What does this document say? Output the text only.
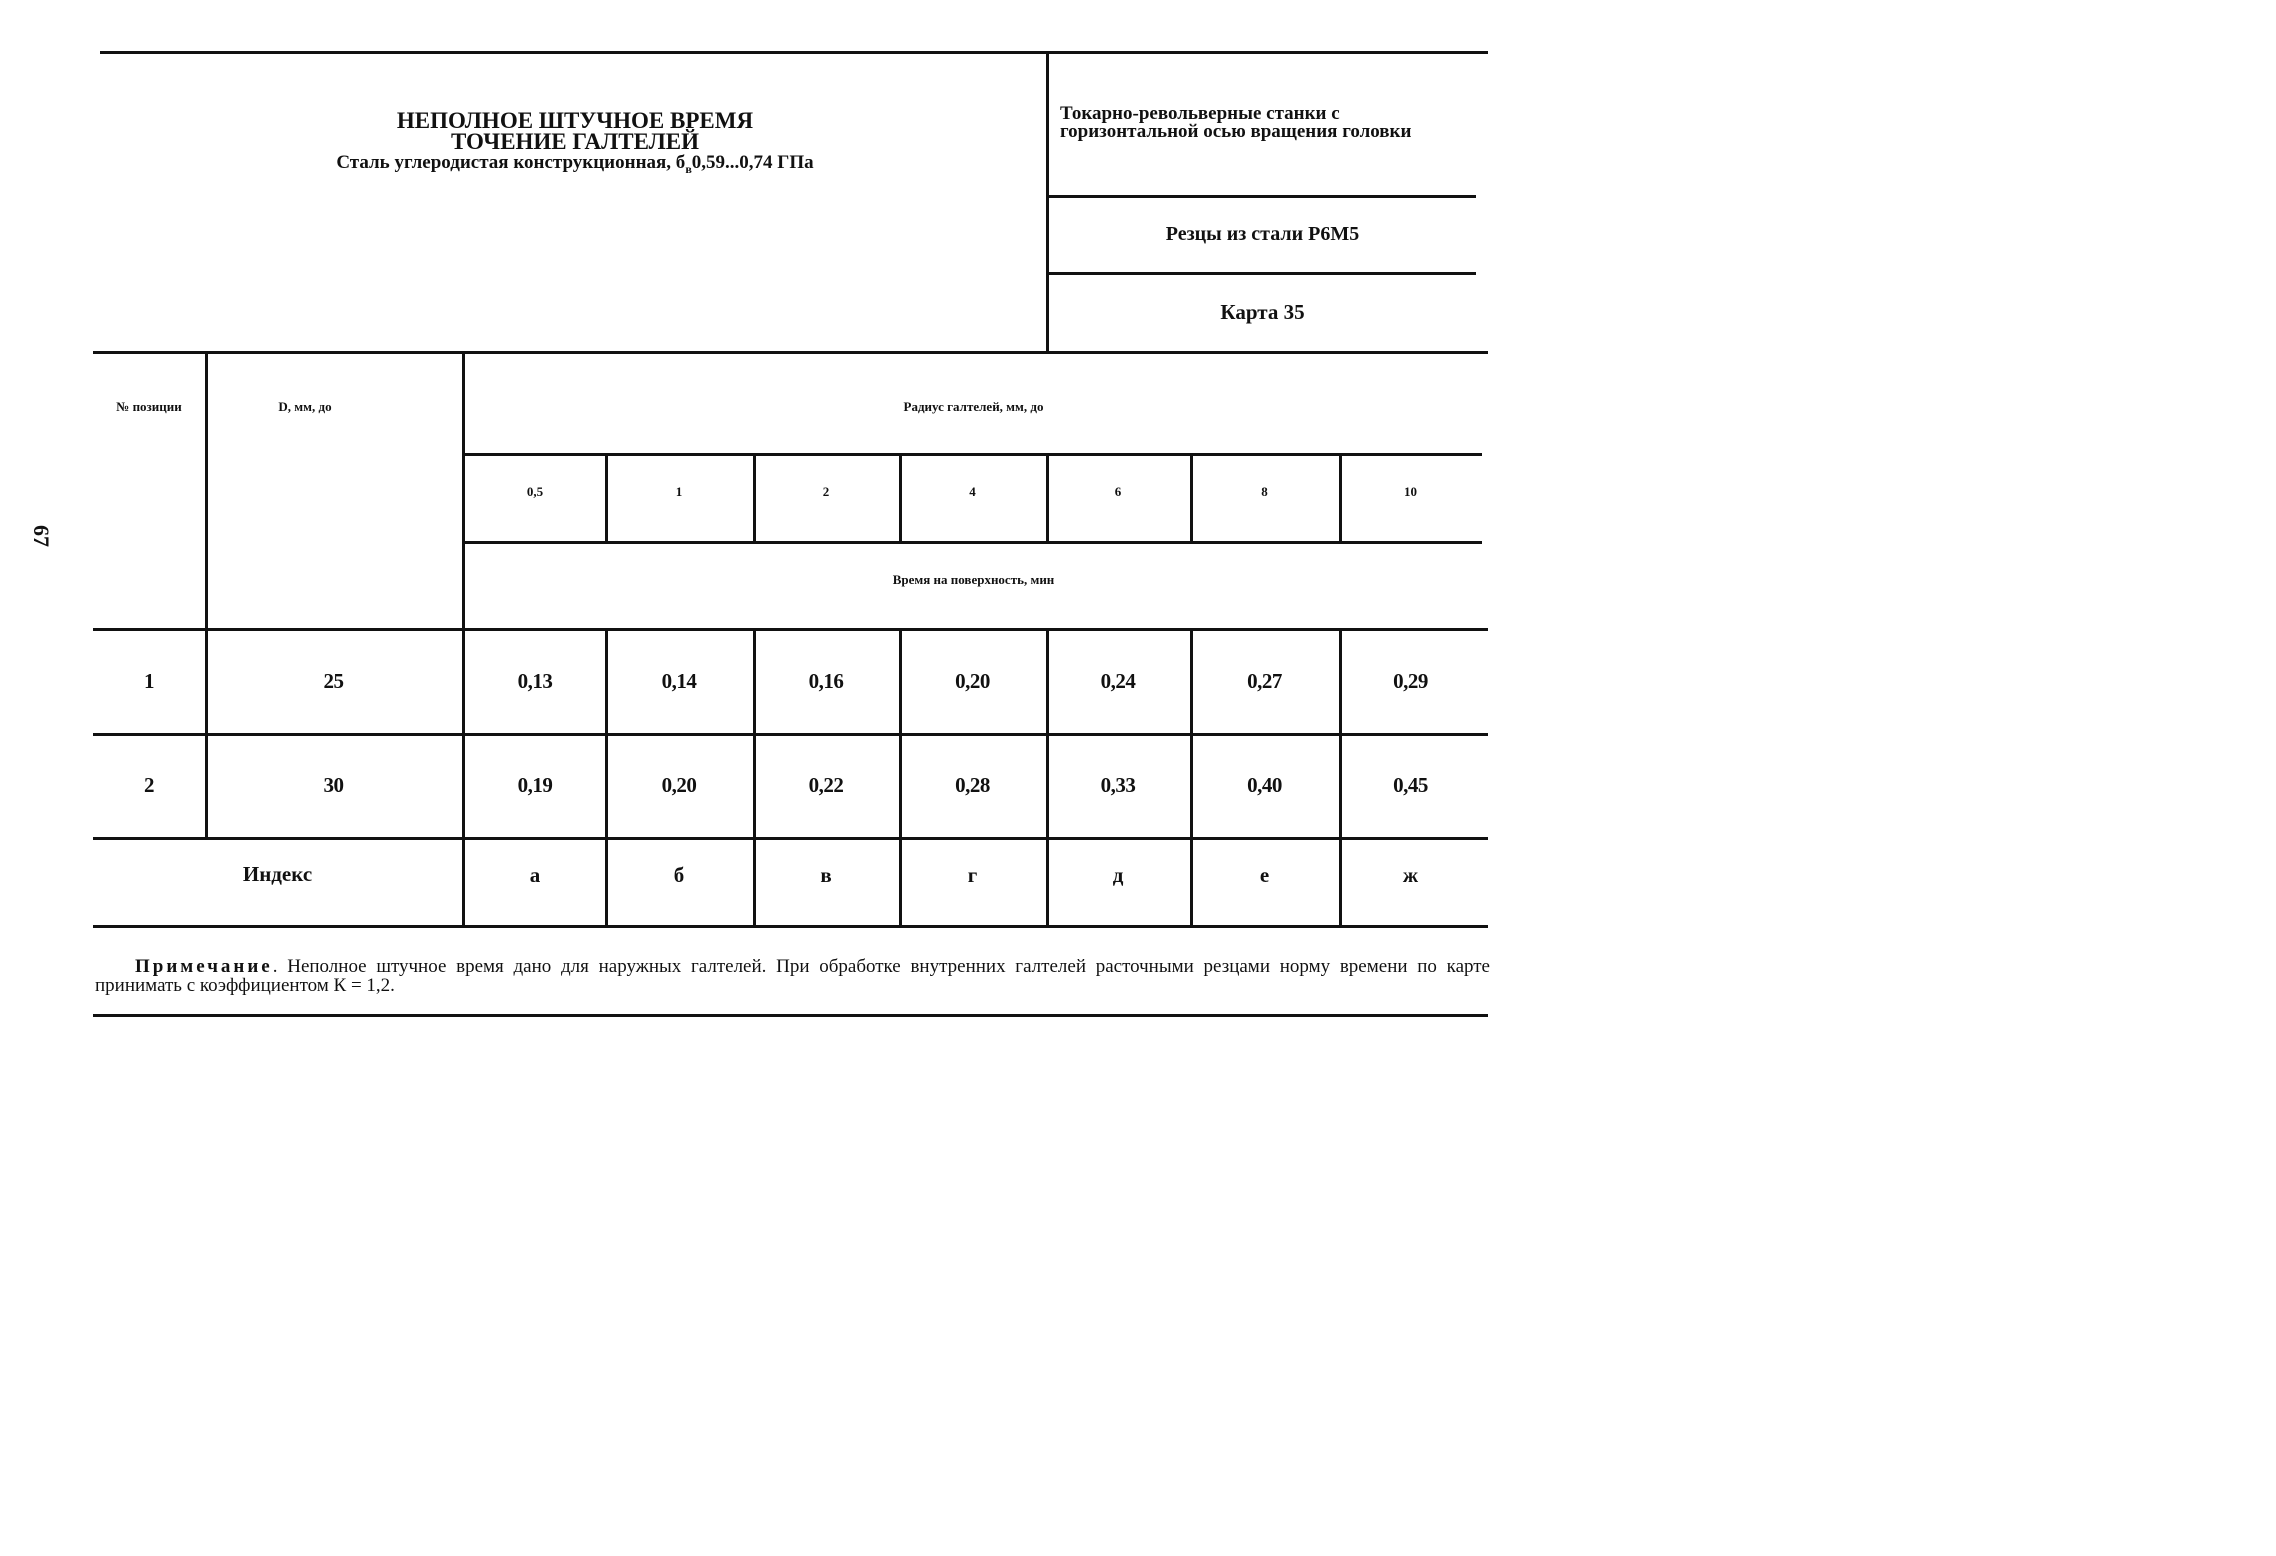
67
НЕПОЛНОЕ ШТУЧНОЕ ВРЕМЯ
ТОЧЕНИЕ ГАЛТЕЛЕЙ
Сталь углеродистая конструкционная, $б_в0,59...0,74$ ГПа
Токарно-револьверные станки с
горизонтальной осью вращения головки
Резцы из стали Р6М5
Карта 35
№ позиции	D, мм, до	Радиус галтелей, мм, до
Время на поверхность, мин
0,5	1	2	4	6	8	10
1	25	0,13	0,14	0,16	0,20	0,24	0,27	0,29
2	30	0,19	0,20	0,22	0,28	0,33	0,40	0,45
Индекс	а	б	в	г	д	е	ж
Примечание. Неполное штучное время дано для наружных галтелей. При обработке внутренних галтелей расточными резцами норму времени по карте принимать с коэффициентом К = 1,2.
